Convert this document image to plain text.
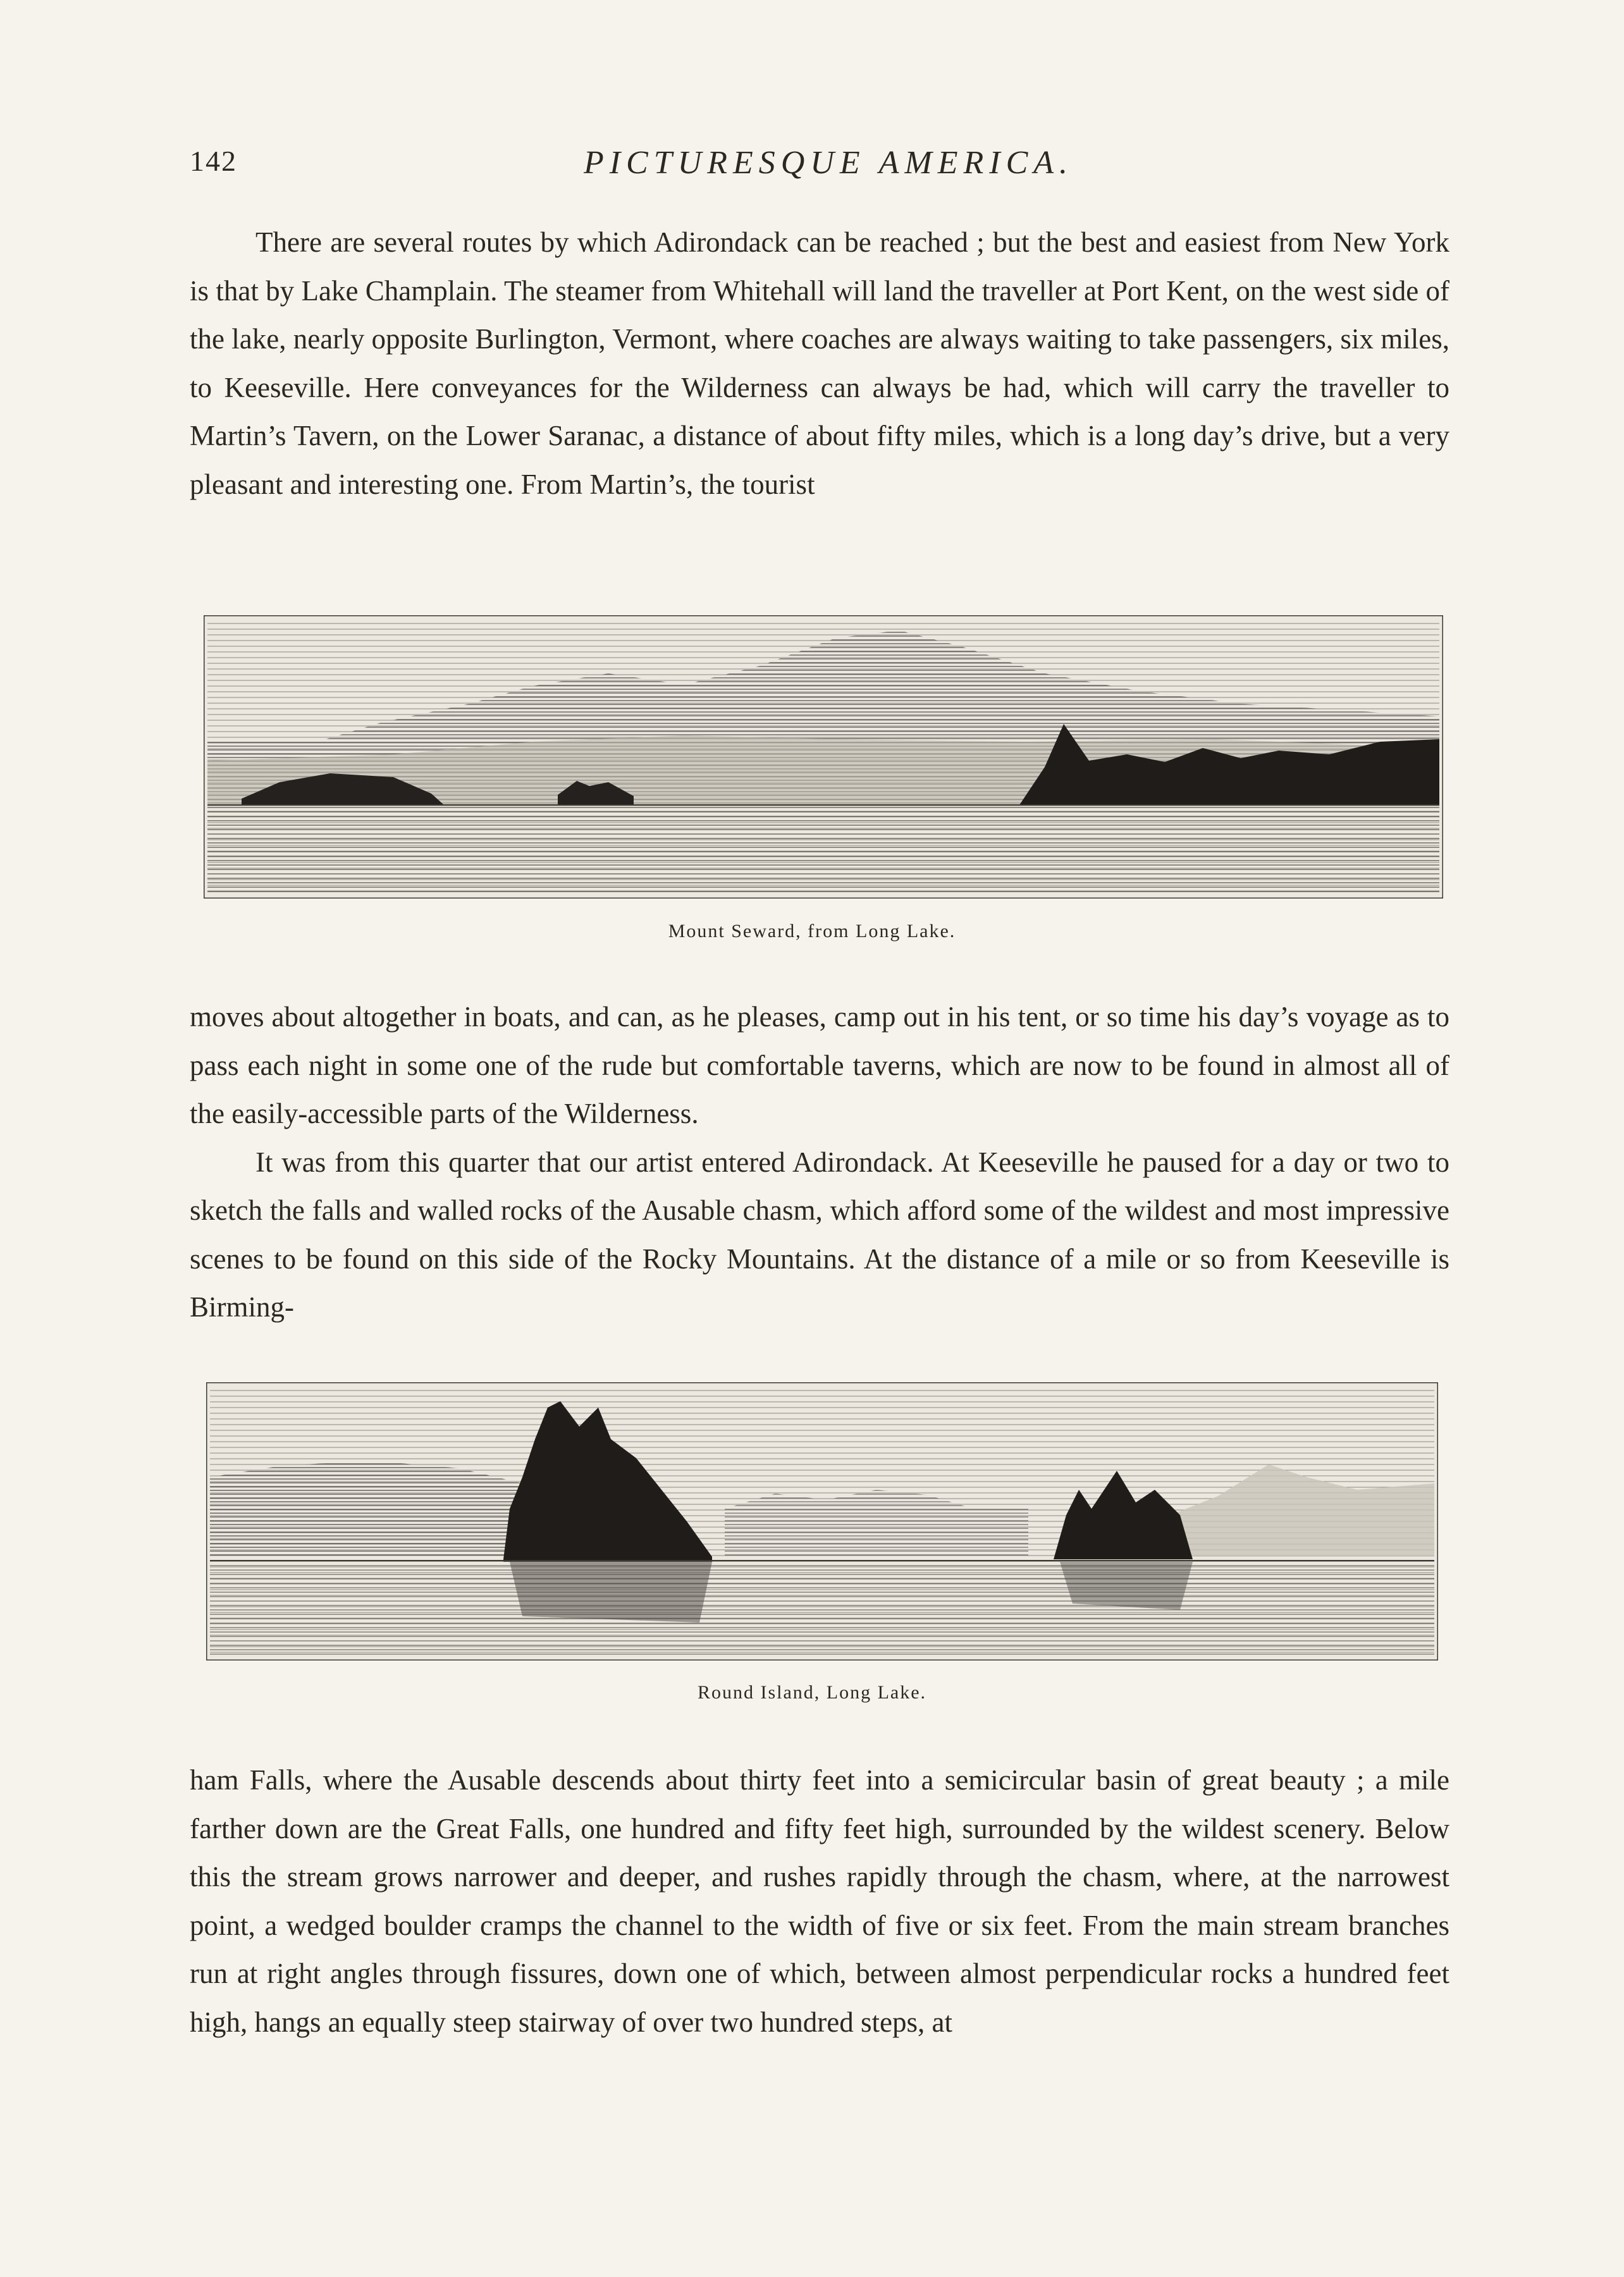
142	PICTURESQUE AMERICA.

There are several routes by which Adirondack can be reached ; but the best and easiest from New York is that by Lake Champlain. The steamer from Whitehall will land the traveller at Port Kent, on the west side of the lake, nearly opposite Burlington, Vermont, where coaches are always waiting to take passengers, six miles, to Keeseville. Here conveyances for the Wilderness can always be had, which will carry the traveller to Martin’s Tavern, on the Lower Saranac, a distance of about fifty miles, which is a long day’s drive, but a very pleasant and interesting one. From Martin’s, the tourist

Mount Seward, from Long Lake.

moves about altogether in boats, and can, as he pleases, camp out in his tent, or so time his day’s voyage as to pass each night in some one of the rude but comfortable taverns, which are now to be found in almost all of the easily-accessible parts of the Wilderness.

It was from this quarter that our artist entered Adirondack. At Keeseville he paused for a day or two to sketch the falls and walled rocks of the Ausable chasm, which afford some of the wildest and most impressive scenes to be found on this side of the Rocky Mountains. At the distance of a mile or so from Keeseville is Birming-

Round Island, Long Lake.

ham Falls, where the Ausable descends about thirty feet into a semicircular basin of great beauty ; a mile farther down are the Great Falls, one hundred and fifty feet high, surrounded by the wildest scenery. Below this the stream grows narrower and deeper, and rushes rapidly through the chasm, where, at the narrowest point, a wedged boulder cramps the channel to the width of five or six feet. From the main stream branches run at right angles through fissures, down one of which, between almost perpendicular rocks a hundred feet high, hangs an equally steep stairway of over two hundred steps, at
